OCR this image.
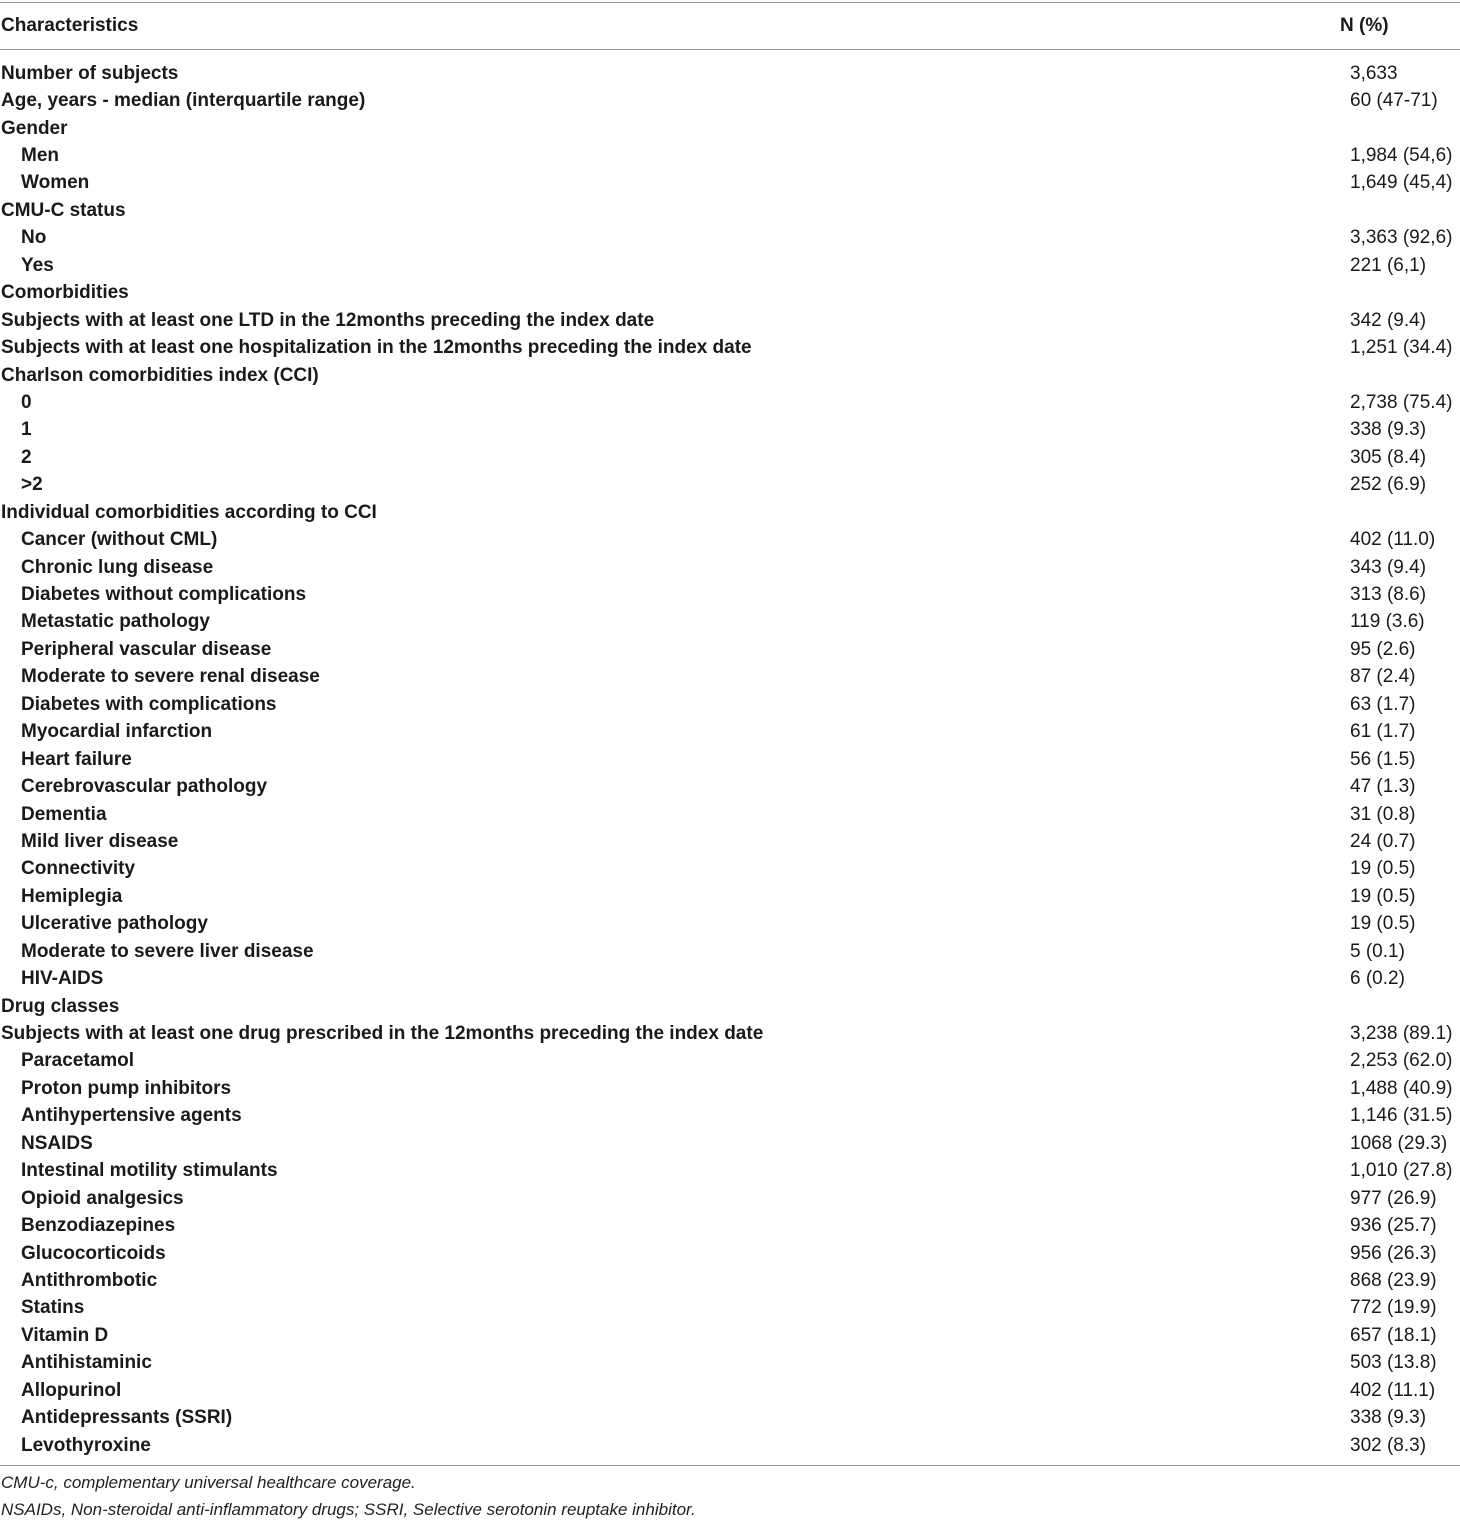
Characteristics	N (%)
Number of subjects	3,633
Age, years - median (interquartile range)	60 (47-71)
Gender
Men	1,984 (54,6)
Women	1,649 (45,4)
CMU-C status
No	3,363 (92,6)
Yes	221 (6,1)
Comorbidities
Subjects with at least one LTD in the 12months preceding the index date	342 (9.4)
Subjects with at least one hospitalization in the 12months preceding the index date	1,251 (34.4)
Charlson comorbidities index (CCI)
0	2,738 (75.4)
1	338 (9.3)
2	305 (8.4)
>2	252 (6.9)
Individual comorbidities according to CCI
Cancer (without CML)	402 (11.0)
Chronic lung disease	343 (9.4)
Diabetes without complications	313 (8.6)
Metastatic pathology	119 (3.6)
Peripheral vascular disease	95 (2.6)
Moderate to severe renal disease	87 (2.4)
Diabetes with complications	63 (1.7)
Myocardial infarction	61 (1.7)
Heart failure	56 (1.5)
Cerebrovascular pathology	47 (1.3)
Dementia	31 (0.8)
Mild liver disease	24 (0.7)
Connectivity	19 (0.5)
Hemiplegia	19 (0.5)
Ulcerative pathology	19 (0.5)
Moderate to severe liver disease	5 (0.1)
HIV-AIDS	6 (0.2)
Drug classes
Subjects with at least one drug prescribed in the 12months preceding the index date	3,238 (89.1)
Paracetamol	2,253 (62.0)
Proton pump inhibitors	1,488 (40.9)
Antihypertensive agents	1,146 (31.5)
NSAIDS	1068 (29.3)
Intestinal motility stimulants	1,010 (27.8)
Opioid analgesics	977 (26.9)
Benzodiazepines	936 (25.7)
Glucocorticoids	956 (26.3)
Antithrombotic	868 (23.9)
Statins	772 (19.9)
Vitamin D	657 (18.1)
Antihistaminic	503 (13.8)
Allopurinol	402 (11.1)
Antidepressants (SSRI)	338 (9.3)
Levothyroxine	302 (8.3)
CMU-c, complementary universal healthcare coverage.
NSAIDs, Non-steroidal anti-inflammatory drugs; SSRI, Selective serotonin reuptake inhibitor.
